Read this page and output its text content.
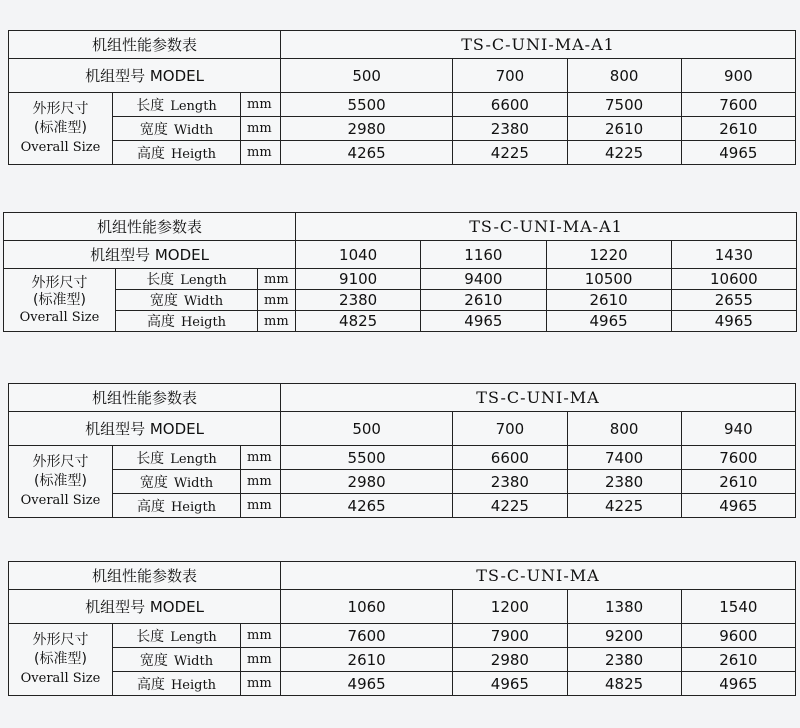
机组性能参数表			TS-C-UNI-MA-A1			
机组型号 MODEL			500	700	800	900

外形尺寸
(标准型)
Overall Size	长度 Length	mm	5500	6600	7500	7600
	宽度 Width	mm	2980	2380	2610	2610
	高度 Heigth	mm	4265	4225	4225	4965
机组性能参数表			TS-C-UNI-MA-A1			
机组型号 MODEL			1040	1160	1220	1430

外形尺寸
(标准型)
Overall Size	长度 Length	mm	9100	9400	10500	10600
	宽度 Width	mm	2380	2610	2610	2655
	高度 Heigth	mm	4825	4965	4965	4965
机组性能参数表			TS-C-UNI-MA			
机组型号 MODEL			500	700	800	940

外形尺寸
(标准型)
Overall Size	长度 Length	mm	5500	6600	7400	7600
	宽度 Width	mm	2980	2380	2380	2610
	高度 Heigth	mm	4265	4225	4225	4965
机组性能参数表			TS-C-UNI-MA			
机组型号 MODEL			1060	1200	1380	1540

外形尺寸
(标准型)
Overall Size	长度 Length	mm	7600	7900	9200	9600
	宽度 Width	mm	2610	2980	2380	2610
	高度 Heigth	mm	4965	4965	4825	4965
